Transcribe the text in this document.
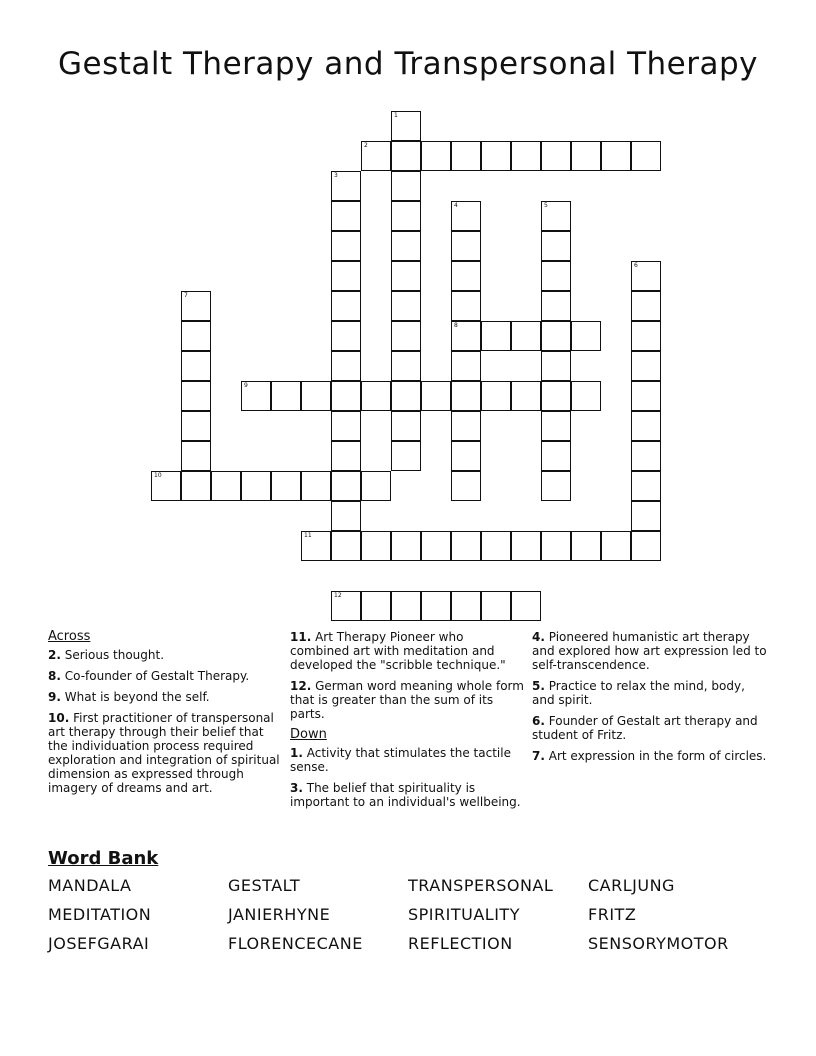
Gestalt Therapy and Transpersonal Therapy
1
2
3
4
8
5
6
7
9
10
11
12
Across
2. Serious thought.
8. Co-founder of Gestalt Therapy.
9. What is beyond the self.
10. First practitioner of transpersonal art therapy through their belief that the individuation process required exploration and integration of spiritual dimension as expressed through imagery of dreams and art.
11. Art Therapy Pioneer who combined art with meditation and developed the "scribble technique."
12. German word meaning whole form that is greater than the sum of its parts.
Down
1. Activity that stimulates the tactile sense.
3. The belief that spirituality is important to an individual's wellbeing.
4. Pioneered humanistic art therapy and explored how art expression led to self-transcendence.
5. Practice to relax the mind, body, and spirit.
6. Founder of Gestalt art therapy and student of Fritz.
7. Art expression in the form of circles.
Word Bank
MANDALA	GESTALT	TRANSPERSONAL	CARLJUNG
MEDITATION	JANIERHYNE	SPIRITUALITY	FRITZ
JOSEFGARAI	FLORENCECANE	REFLECTION	SENSORYMOTOR
